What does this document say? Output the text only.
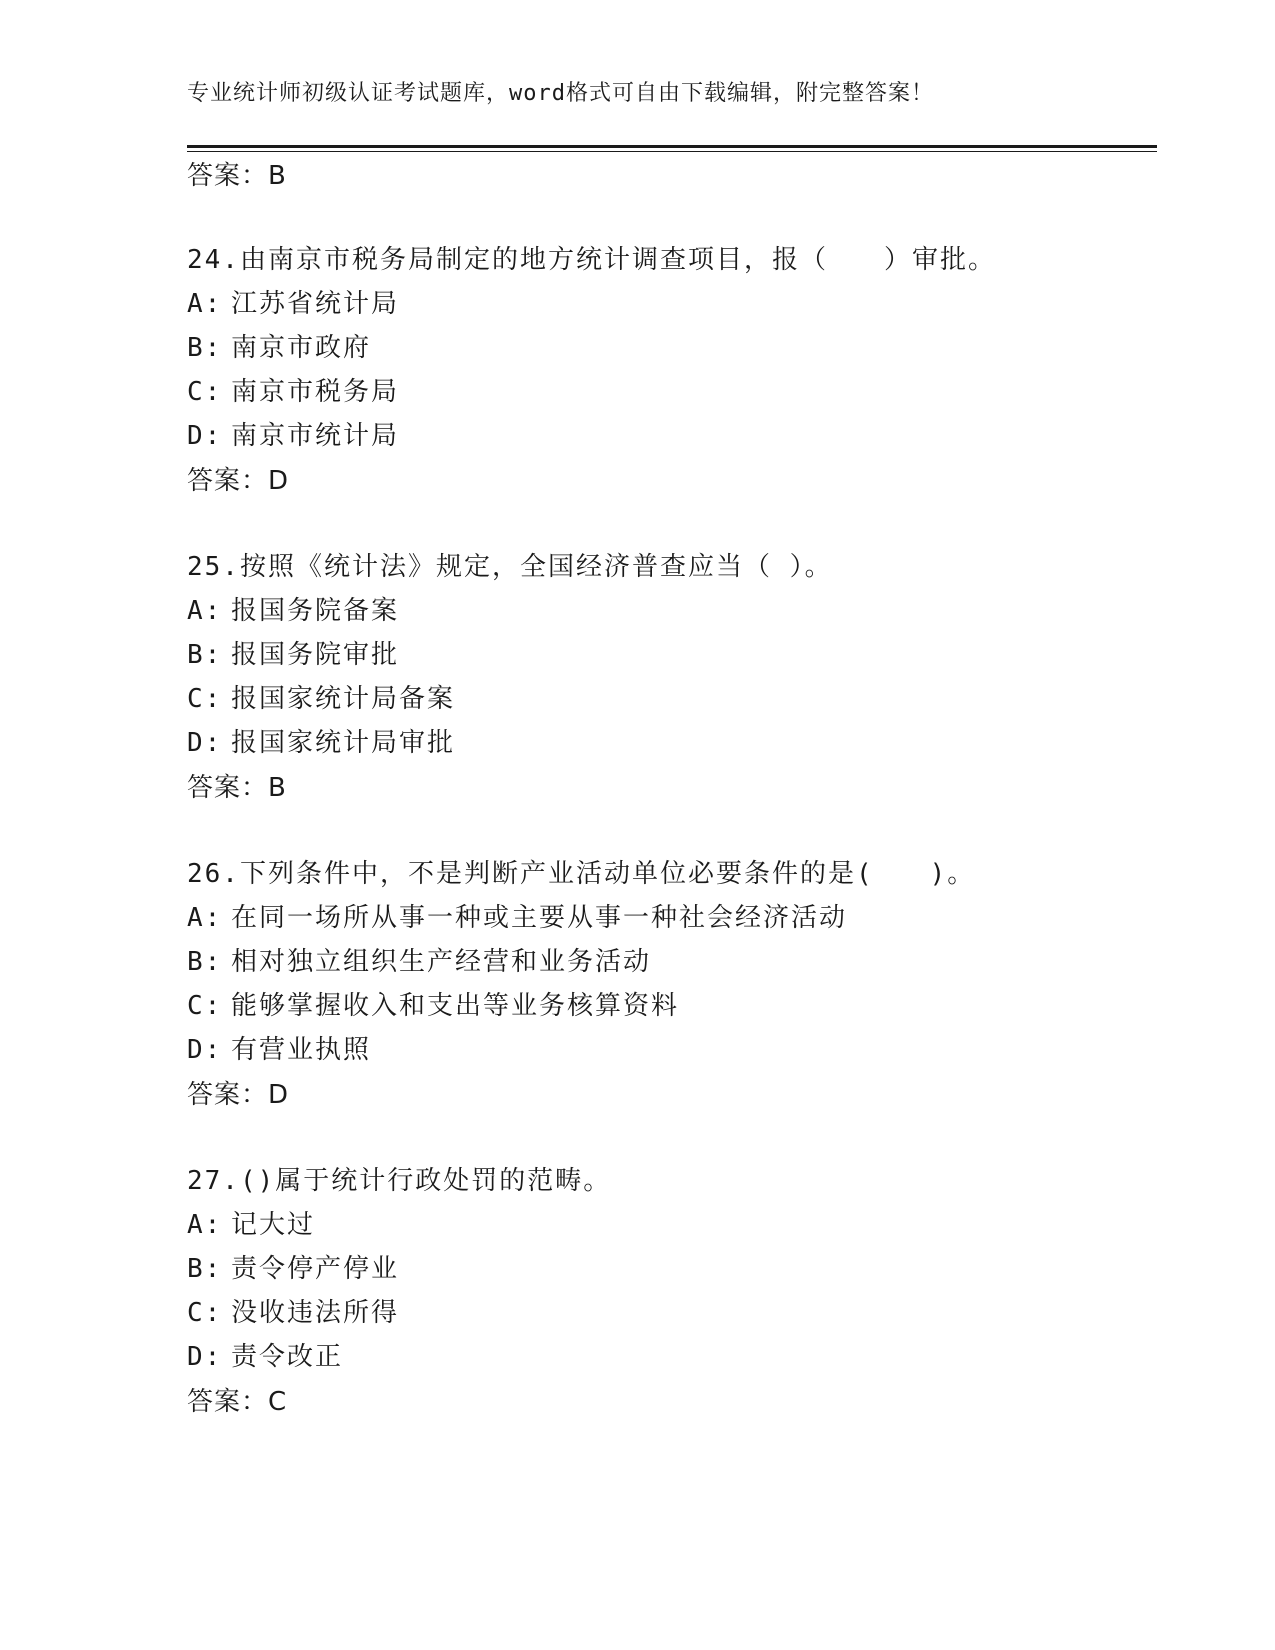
专业统计师初级认证考试题库，word格式可自由下载编辑，附完整答案！
答案：B
24.由南京市税务局制定的地方统计调查项目，报（　　）审批。
A: 江苏省统计局
B: 南京市政府
C: 南京市税务局
D: 南京市统计局
答案：D
25.按照《统计法》规定，全国经济普查应当（ ）。
A: 报国务院备案
B: 报国务院审批
C: 报国家统计局备案
D: 报国家统计局审批
答案：B
26.下列条件中，不是判断产业活动单位必要条件的是(　　)。
A: 在同一场所从事一种或主要从事一种社会经济活动
B: 相对独立组织生产经营和业务活动
C: 能够掌握收入和支出等业务核算资料
D: 有营业执照
答案：D
27.()属于统计行政处罚的范畴。
A: 记大过
B: 责令停产停业
C: 没收违法所得
D: 责令改正
答案：C
